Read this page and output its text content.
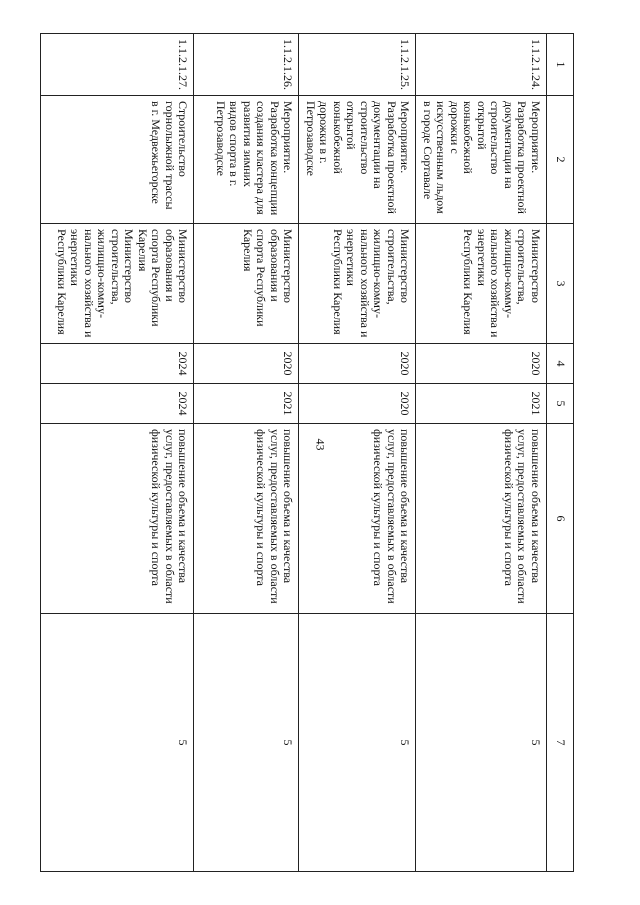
43
1	2	3	4	5	6	7
1.1.2.1.24.	Мероприятие. Разработка проектной документации на строительство открытой конькобежной дорожки с искусственным льдом в городе Сортавале	Министерство строительства, жилищно-комму-нального хозяйства и энергетики Республики Карелия	2020	2021	повышение объема и качества услуг, предоставляемых в области физической культуры и спорта	5
1.1.2.1.25.	Мероприятие. Разработка проектной документации на строительство открытой конькобежной дорожки в г. Петрозаводске	Министерство строительства, жилищно-комму-нального хозяйства и энергетики Республики Карелия	2020	2020	повышение объема и качества услуг, предоставляемых в области физической культуры и спорта	5
1.1.2.1.26.	Мероприятие. Разработка концепции создания кластера для развития зимних видов спорта в г. Петрозаводске	Министерство образования и спорта Республики Карелия	2020	2021	повышение объема и качества услуг, предоставляемых в области физической культуры и спорта	5
1.1.2.1.27.	Строительство горнолыжной трассы в г. Медвежьегорске	Министерство образования и спорта Республики Карелия Министерство строительства, жилищно-комму-нального хозяйства и энергетики Республики Карелия	2024	2024	повышение объема и качества услуг, предоставляемых в области физической культуры и спорта	5
